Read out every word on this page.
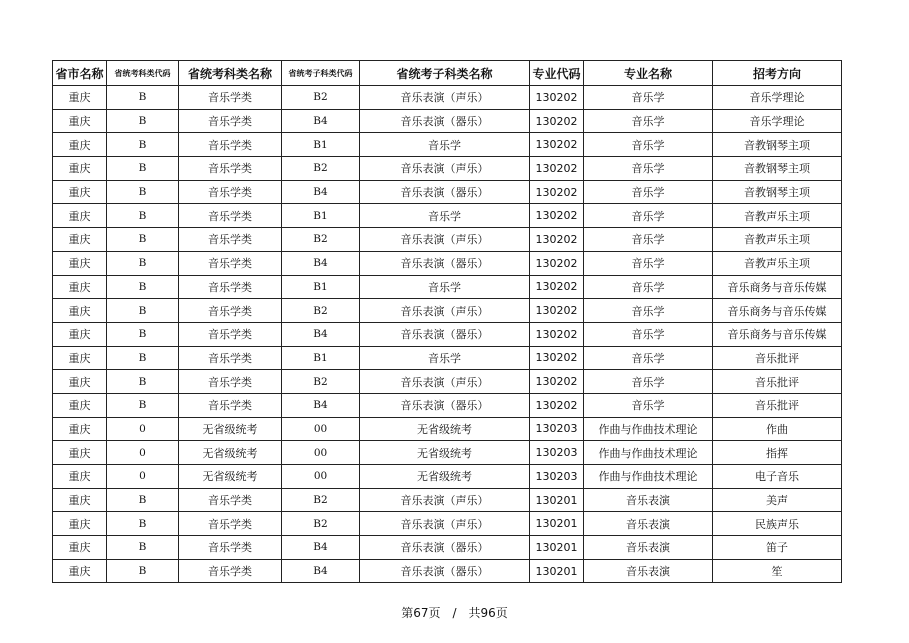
省市名称	省统考科类代码	省统考科类名称	省统考子科类代码	省统考子科类名称	专业代码	专业名称	招考方向
重庆	B	音乐学类	B2	音乐表演（声乐）	130202	音乐学	音乐学理论
重庆	B	音乐学类	B4	音乐表演（器乐）	130202	音乐学	音乐学理论
重庆	B	音乐学类	B1	音乐学	130202	音乐学	音教钢琴主项
重庆	B	音乐学类	B2	音乐表演（声乐）	130202	音乐学	音教钢琴主项
重庆	B	音乐学类	B4	音乐表演（器乐）	130202	音乐学	音教钢琴主项
重庆	B	音乐学类	B1	音乐学	130202	音乐学	音教声乐主项
重庆	B	音乐学类	B2	音乐表演（声乐）	130202	音乐学	音教声乐主项
重庆	B	音乐学类	B4	音乐表演（器乐）	130202	音乐学	音教声乐主项
重庆	B	音乐学类	B1	音乐学	130202	音乐学	音乐商务与音乐传媒
重庆	B	音乐学类	B2	音乐表演（声乐）	130202	音乐学	音乐商务与音乐传媒
重庆	B	音乐学类	B4	音乐表演（器乐）	130202	音乐学	音乐商务与音乐传媒
重庆	B	音乐学类	B1	音乐学	130202	音乐学	音乐批评
重庆	B	音乐学类	B2	音乐表演（声乐）	130202	音乐学	音乐批评
重庆	B	音乐学类	B4	音乐表演（器乐）	130202	音乐学	音乐批评
重庆	0	无省级统考	00	无省级统考	130203	作曲与作曲技术理论	作曲
重庆	0	无省级统考	00	无省级统考	130203	作曲与作曲技术理论	指挥
重庆	0	无省级统考	00	无省级统考	130203	作曲与作曲技术理论	电子音乐
重庆	B	音乐学类	B2	音乐表演（声乐）	130201	音乐表演	美声
重庆	B	音乐学类	B2	音乐表演（声乐）	130201	音乐表演	民族声乐
重庆	B	音乐学类	B4	音乐表演（器乐）	130201	音乐表演	笛子
重庆	B	音乐学类	B4	音乐表演（器乐）	130201	音乐表演	笙
第67页　/　共96页
